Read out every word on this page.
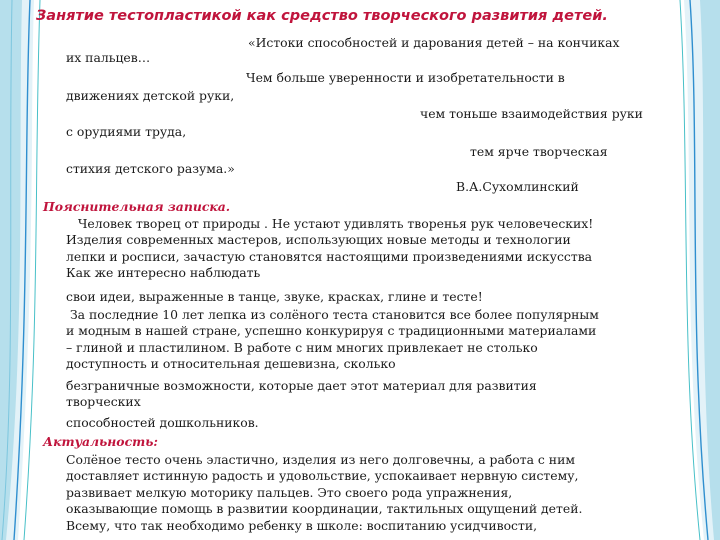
Занятие тестопластикой как средство творческого развития детей.
«Истоки способностей и дарования детей – на кончиках
их пальцев…
Чем больше уверенности и изобретательности в
движениях детской руки,
чем тоньше взаимодействия руки
с орудиями труда,
тем ярче творческая
стихия детского разума.»
В.А.Сухомлинский
Пояснительная записка.
Человек творец от природы . Не устают удивлять творенья рук человеческих!
Изделия современных мастеров, использующих новые методы и технологии
лепки и росписи, зачастую становятся настоящими произведениями искусства
Как же интересно наблюдать
свои идеи, выраженные в танце, звуке, красках, глине и тесте!
За последние 10 лет лепка из солёного теста становится все более популярным
и модным в нашей стране, успешно конкурируя с традиционными материалами
– глиной и пластилином. В работе с ним многих привлекает не столько
доступность и относительная дешевизна, сколько
безграничные возможности, которые дает этот материал для развития
творческих
способностей дошкольников.
Актуальность:
Солёное тесто очень эластично, изделия из него долговечны, а работа с ним
доставляет истинную радость и удовольствие, успокаивает нервную систему,
развивает мелкую моторику пальцев. Это своего рода упражнения,
оказывающие помощь в развитии координации, тактильных ощущений детей.
Всему, что так необходимо ребенку в школе: воспитанию усидчивости,
